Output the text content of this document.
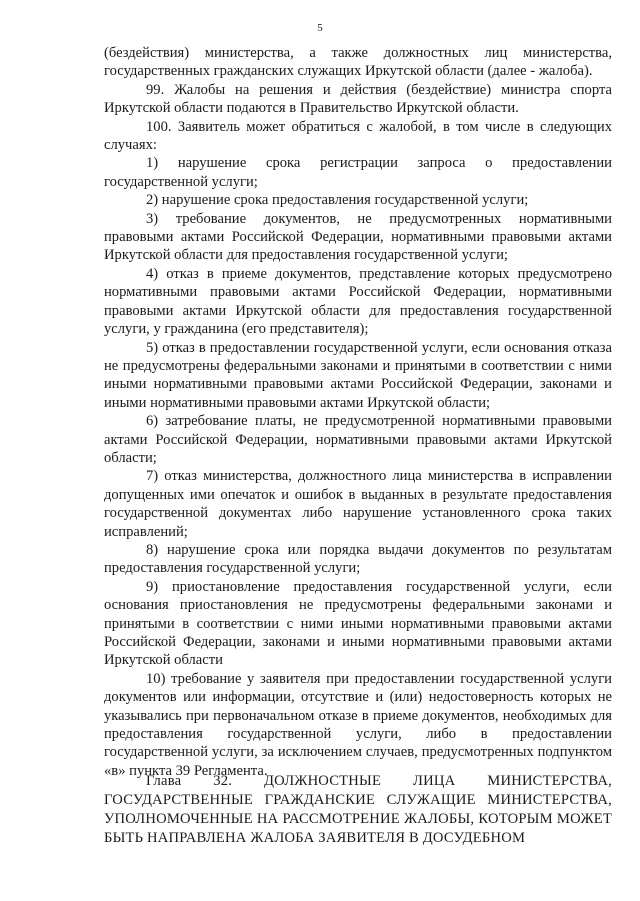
5

(бездействия) министерства, а также должностных лиц министерства, государственных гражданских служащих Иркутской области (далее - жалоба).

99. Жалобы на решения и действия (бездействие) министра спорта Иркутской области подаются в Правительство Иркутской области.

100. Заявитель может обратиться с жалобой, в том числе в следующих случаях:

1) нарушение срока регистрации запроса о предоставлении государственной услуги;

2) нарушение срока предоставления государственной услуги;

3) требование документов, не предусмотренных нормативными правовыми актами Российской Федерации, нормативными правовыми актами Иркутской области для предоставления государственной услуги;

4) отказ в приеме документов, представление которых предусмотрено нормативными правовыми актами Российской Федерации, нормативными правовыми актами Иркутской области для предоставления государственной услуги, у гражданина (его представителя);

5) отказ в предоставлении государственной услуги, если основания отказа не предусмотрены федеральными законами и принятыми в соответствии с ними иными нормативными правовыми актами Российской Федерации, законами и иными нормативными правовыми актами Иркутской области;

6) затребование платы, не предусмотренной нормативными правовыми актами Российской Федерации, нормативными правовыми актами Иркутской области;

7) отказ министерства, должностного лица министерства в исправлении допущенных ими опечаток и ошибок в выданных в результате предоставления государственной документах либо нарушение установленного срока таких исправлений;

8) нарушение срока или порядка выдачи документов по результатам предоставления государственной услуги;

9) приостановление предоставления государственной услуги, если основания приостановления не предусмотрены федеральными законами и принятыми в соответствии с ними иными нормативными правовыми актами Российской Федерации, законами и иными нормативными правовыми актами Иркутской области

10) требование у заявителя при предоставлении государственной услуги документов или информации, отсутствие и (или) недостоверность которых не указывались при первоначальном отказе в приеме документов, необходимых для предоставления государственной услуги, либо в предоставлении государственной услуги, за исключением случаев, предусмотренных подпунктом «в» пункта 39 Регламента.

Глава 32. ДОЛЖНОСТНЫЕ ЛИЦА МИНИСТЕРСТВА, ГОСУДАРСТВЕННЫЕ ГРАЖДАНСКИЕ СЛУЖАЩИЕ МИНИСТЕРСТВА, УПОЛНОМОЧЕННЫЕ НА РАССМОТРЕНИЕ ЖАЛОБЫ, КОТОРЫМ МОЖЕТ БЫТЬ НАПРАВЛЕНА ЖАЛОБА ЗАЯВИТЕЛЯ В ДОСУДЕБНОМ
